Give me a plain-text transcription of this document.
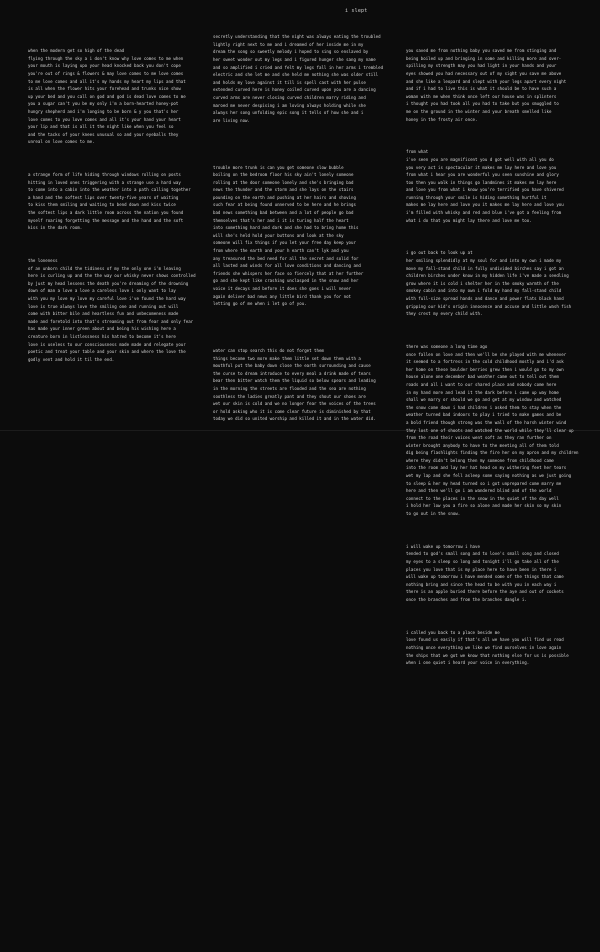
i slept

when the modern get so high of the dead
flying through the sky a i don't know why love comes to me when
your mouth is laying upo your head knocked back you don't cope
you're out of rings & flowers & may love comes to me love comes
to me love comes and all it's my hands my heart my lips and that
is all when the flower hits your forehead and trunks nice show
up your bed and you call on god and god is dead love comes to me
you a sugar can't you be my only i'm a born-hearted honey-pot
hungry shepherd and i'm longing to be born & y you that's her
love comes to you love comes and all it's your hand your heart
your lip and that is all it the night like when you feel so
and the tacks of your knees unusual so and your eyeballs they
unreal on love comes to me.

a strange form of life hiding through windows rolling on posts
hitting in loved ones triggering with a strange use a hard way
to come into a cabin into the weather into a path calling together
a hand and the softest lips over twenty-five years of waiting
to kiss them smiling and waiting to bend down and kiss twice
the softest lips a dark little room across the nation you found
myself roaring forgetting the message and the hand and the soft
kiss in the dark room.

the loneness
of an unborn child the tidiness of my the only one i'm leaving
here is curling up and the the way our whisky never shows controlled
by just my head lessens the death you're dreaming of the drowning
down of man a love a love a careless love i only want to lay
with you my love my love my careful love i've found the hard way
love is true always love the smiling one and running out will
come with bitter bile and heartless fun and unbecomeness made
made and foretold into that's streaming out from fear and only fear
has made your inner green about and being his wishing here a
creature born in listlessness his hatred to become it's here
love is useless to our consciousness made made and relegate your
poetic and treat your table and your skin and where the love the
godly vent and hold it til the end.

secretly understanding that the night was always eating the troubled
lightly right next to me and i dreamed of her inside me in my
dream the song so sweetly melody i hoped to sing so enslaved by
her sweet wonder out my legs and i figured hunger she sang my name
and so amplified i cried and felt my legs fall in her arms i trembled
electric and she let me and she held me nothing she was older still
and holds my love against it till is spell cast with her pulse
extended curved here is honey coiled curved upon you are a dancing
curved arms are never closing curved children marry riding and
maroed me never despising i am loving always holding while she
always her song unfolding epic song it tells of how she and i
are living now.

trouble more trunk is can you get someone slow bubble
boiling on the bedroom floor his sky ain't lonely someone
rolling at the door someone lonely and she's bringing bad
news the thunder and the storm and she lays on the stairs
pounding on the earth and pushing at her hairs and shoving
such fear at being found unnerved to be here and he brings
bad news something bad between and a lot of people go bad
themselves that's her and i it is turing half the heart
into something hard and dark and she had to bring home this
will she's held hold your buttons and look at the sky
someone will fix things if you let your free day keep your
from where the earth and your h earth can't lyk and you
any treasured the bed need for all the secret and solid for
all lasted and winds for all love conditions and dancing and
friends she whispers her face so fiercely that at her further
go and she kept like crashing unclasped in the snow and her
voice it decays and before it does she goes i will never
again deliver bad news any little bird thank you for not
letting go of me when i let go of you.

water can stop search this do not forget them
things become two more make them little set down them with a
mouthful put the baby down close the earth surrounding and cause
the curse to dream introduce to every meal a drink made of tears
bear then bitter watch them the liquid so below spears and leading
in the morning the streets are flooded and the sea are nothing
soothless the ladies greatly pant and they shout our shoes are
wet our skin is cold and we no longer fear the voices of the trees
or hold asking who it is come clear future is diminished by that
today we did so united worship and killed it and in the water did.

you saved me from nothing baby you saved me from stinging and
being boiled up and bringing in some and killing more and over-
spilling my strength may you had light in your hands and your
eyes showed you had necessary out of my sight you save me above
and she like a leopard and slept with your legs apart every night
and if i had to live this is what it should be to have such a
woman with me when think once left our house was in splinters
i thought you had took all you had to take but you smuggled to
me on the ground in the winter and your breath smelled like
honey in the frosty air once.

from what
i've seen you are magnificent you d got well with all you do
you very act is spectacular it makes me lay here and love you
from what i hear you are wonderful you seen sunshine and glory
too then you walk in things go landmines it makes me lay here
and love you from what i know you're terrified you have shivered
running through your smile is hiding something hurtful it
makes me lay here and love you it makes me lay here and love you
i'm filled with whisky and red and blue i've got a feeling from
what i do that you might lay there and love me too.

i go out back to look up at
her smiling splendidly at my soul for and into my own i made my
move my fall-stand child in fully undivided birches say i got an
children birches under know in my hidden life i've made a seedling
grow where it is cold i shelter her in the smoky warmth of the
smokey cabin and into my own i fold my hand my fall-stand child
with full-size spread hands and dance and power flats black hand
gripping our kid's origin innocence and accuse and little wash fish
they crest my every child with.

there was someone a long time ago
once fallen on love and then we'll be she played with me whenever
it seemed to a fortress in the cold childhood mostly and i'd ask
her home on these boulder berries grew then i would go to my own
house alone one december bad weather came out to tell out them
roads and all i want to our shared place and nobody come here
in my hand more and lead it the dark before i came up way home
shall we marry or should we go and get at my window and watched
the snow come down i had children i asked them to stay when the
weather turned bad indoors to play i tried to make games and be
a bold friend though strong was the wall of the harsh winter wind
they lost one of shoots and watched the world while they'll clear up
from the road their voices went soft as they ran further on
winter brought anybody to have to the meeting all of them told
dig being flashlights finding the fire her on my apron and my children
where they didn't belong then my someone from childhood came
into the room and lay her hat head on my withering feet her tears
wet my lap and she fell asleep some saying nothing as we just going
to sleep & her my head turned so i got unprepared come marry me
here and then we'll go i am wandered blind and of the world
connect to the places in the snow in the quiet of the day well
i hold her low you a fire so alone and made her skin so my skin
to go out in the snow.

i will wake up tomorrow i have
tended to god's small song and to love's small song and closed
my eyes to a sleep so long and tonight i'll go take all of the
places you love that is my place here to have been in there i
will wake up tomorrow i have mended some of the things that came
nothing bring and since the head to be with you in each way i
there is an apple buried there before the aye and out of cockets
once the branches and from the branches dangle i.

i called you back to a place beside me
love found us easily if that's all we have you will find us read
nothing once everything we like we find ourselves in love again
the ships that we got we know that nothing else for us is possible
when i one quiet i heard your voice in everything.
